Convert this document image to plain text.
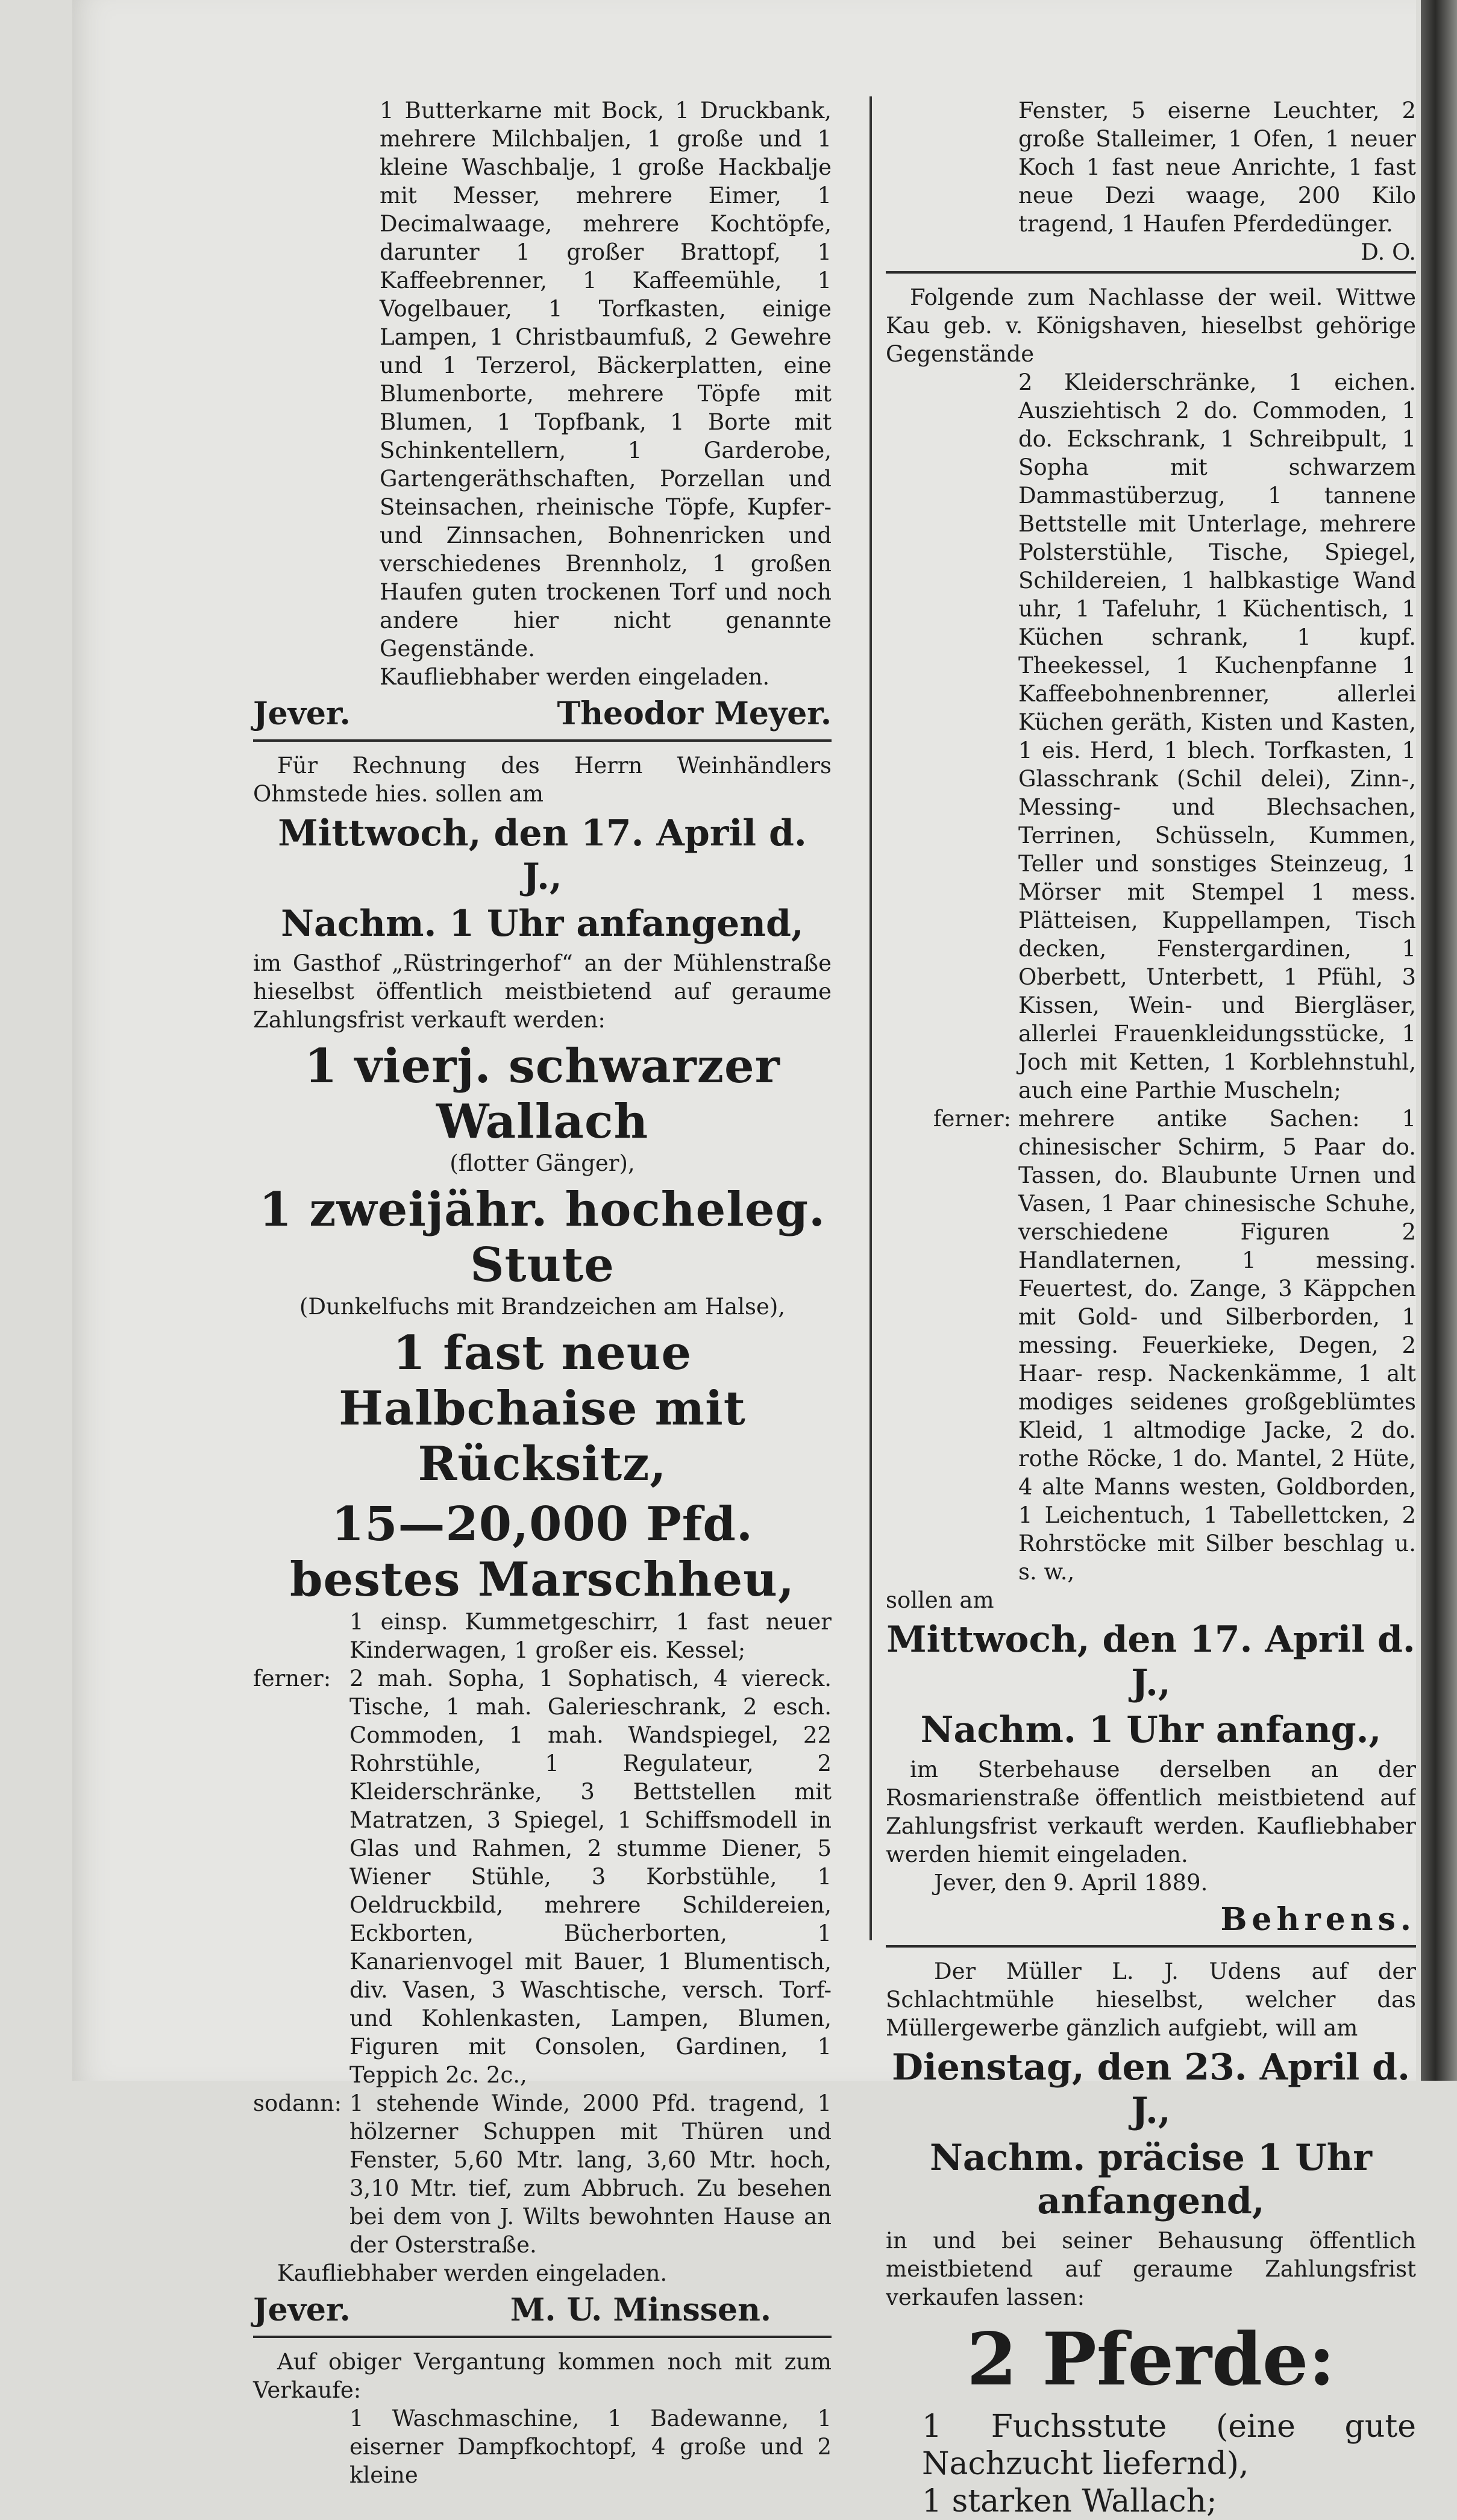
1 Butterkarne mit Bock, 1 Druckbank, mehrere Milchbaljen, 1 große und 1 kleine Waschbalje, 1 große Hackbalje mit Messer, mehrere Eimer, 1 Decimalwaage, mehrere Kochtöpfe, darunter 1 großer Brattopf, 1 Kaffeebrenner, 1 Kaffeemühle, 1 Vogelbauer, 1 Torfkasten, einige Lampen, 1 Christbaumfuß, 2 Gewehre und 1 Terzerol, Bäckerplatten, eine Blumenborte, mehrere Töpfe mit Blumen, 1 Topfbank, 1 Borte mit Schinkentellern, 1 Garderobe, Gartengeräthschaften, Porzellan und Steinsachen, rheinische Töpfe, Kupfer- und Zinnsachen, Bohnenricken und verschiedenes Brennholz, 1 großen Haufen guten trockenen Torf und noch andere hier nicht genannte Gegenstände.

Kaufliebhaber werden eingeladen.

Jever.	Theodor Meyer.

Für Rechnung des Herrn Weinhändlers Ohmstede hies. sollen am

Mittwoch, den 17. April d. J.,
Nachm. 1 Uhr anfangend,

im Gasthof „Rüstringerhof“ an der Mühlenstraße hieselbst öffentlich meistbietend auf geraume Zahlungsfrist verkauft werden:

1 vierj. schwarzer Wallach
(flotter Gänger),
1 zweijähr. hocheleg. Stute
(Dunkelfuchs mit Brandzeichen am Halse),
1 fast neue Halbchaise mit Rücksitz,
15—20,000 Pfd. bestes Marschheu,

1 einsp. Kummetgeschirr, 1 fast neuer Kinderwagen, 1 großer eis. Kessel;

ferner: 2 mah. Sopha, 1 Sophatisch, 4 viereck. Tische, 1 mah. Galerieschrank, 2 esch. Commoden, 1 mah. Wandspiegel, 22 Rohrstühle, 1 Regulateur, 2 Kleiderschränke, 3 Bettstellen mit Matratzen, 3 Spiegel, 1 Schiffsmodell in Glas und Rahmen, 2 stumme Diener, 5 Wiener Stühle, 3 Korbstühle, 1 Oeldruckbild, mehrere Schildereien, Eckborten, Bücherborten, 1 Kanarienvogel mit Bauer, 1 Blumentisch, div. Vasen, 3 Waschtische, versch. Torf- und Kohlenkasten, Lampen, Blumen, Figuren mit Consolen, Gardinen, 1 Teppich 2c. 2c.,

sodann: 1 stehende Winde, 2000 Pfd. tragend, 1 hölzerner Schuppen mit Thüren und Fenster, 5,60 Mtr. lang, 3,60 Mtr. hoch, 3,10 Mtr. tief, zum Abbruch. Zu besehen bei dem von J. Wilts bewohnten Hause an der Osterstraße.

Kaufliebhaber werden eingeladen.

Jever.	M. U. Minssen.

Auf obiger Vergantung kommen noch mit zum Verkaufe:

1 Waschmaschine, 1 Badewanne, 1 eiserner Dampfkochtopf, 4 große und 2 kleine

Fenster, 5 eiserne Leuchter, 2 große Stalleimer, 1 Ofen, 1 neuer Koch 1 fast neue Anrichte, 1 fast neue Dezi waage, 200 Kilo tragend, 1 Haufen Pferdedünger.

D. O.

Folgende zum Nachlasse der weil. Wittwe Kau geb. v. Königshaven, hieselbst gehörige Gegenstände

2 Kleiderschränke, 1 eichen. Ausziehtisch 2 do. Commoden, 1 do. Eckschrank, 1 Schreibpult, 1 Sopha mit schwarzem Dammastüberzug, 1 tannene Bettstelle mit Unterlage, mehrere Polsterstühle, Tische, Spiegel, Schildereien, 1 halbkastige Wand uhr, 1 Tafeluhr, 1 Küchentisch, 1 Küchen schrank, 1 kupf. Theekessel, 1 Kuchenpfanne 1 Kaffeebohnenbrenner, allerlei Küchen geräth, Kisten und Kasten, 1 eis. Herd, 1 blech. Torfkasten, 1 Glasschrank (Schil delei), Zinn-, Messing- und Blechsachen, Terrinen, Schüsseln, Kummen, Teller und sonstiges Steinzeug, 1 Mörser mit Stempel 1 mess. Plätteisen, Kuppellampen, Tisch decken, Fenstergardinen, 1 Oberbett, Unterbett, 1 Pfühl, 3 Kissen, Wein- und Biergläser, allerlei Frauenkleidungsstücke, 1 Joch mit Ketten, 1 Korblehnstuhl, auch eine Parthie Muscheln;

ferner: mehrere antike Sachen: 1 chinesischer Schirm, 5 Paar do. Tassen, do. Blaubunte Urnen und Vasen, 1 Paar chinesische Schuhe, verschiedene Figuren 2 Handlaternen, 1 messing. Feuertest, do. Zange, 3 Käppchen mit Gold- und Silberborden, 1 messing. Feuerkieke, Degen, 2 Haar- resp. Nackenkämme, 1 alt modiges seidenes großgeblümtes Kleid, 1 altmodige Jacke, 2 do. rothe Röcke, 1 do. Mantel, 2 Hüte, 4 alte Manns westen, Goldborden, 1 Leichentuch, 1 Tabellettcken, 2 Rohrstöcke mit Silber beschlag u. s. w.,

sollen am

Mittwoch, den 17. April d. J.,
Nachm. 1 Uhr anfang.,

im Sterbehause derselben an der Rosmarienstraße öffentlich meistbietend auf Zahlungsfrist verkauft werden. Kaufliebhaber werden hiemit eingeladen.

Jever, den 9. April 1889.

Behrens.

Der Müller L. J. Udens auf der Schlachtmühle hieselbst, welcher das Müllergewerbe gänzlich aufgiebt, will am

Dienstag, den 23. April d. J.,
Nachm. präcise 1 Uhr anfangend,

in und bei seiner Behausung öffentlich meistbietend auf geraume Zahlungsfrist verkaufen lassen:

2 Pferde:

1 Fuchsstute (eine gute Nachzucht liefernd),

1 starken Wallach;
